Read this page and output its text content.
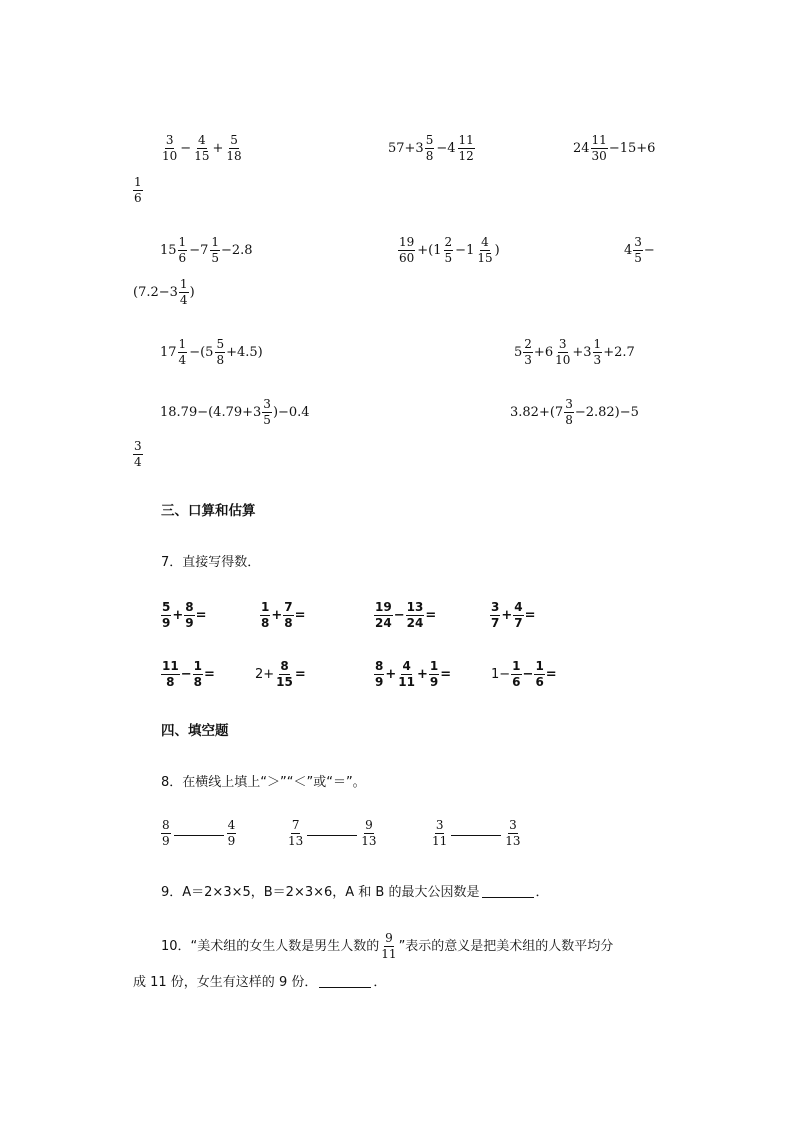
$\frac{3}{10} - \frac{4}{15} + \frac{5}{18}$	$57+3 \frac{5}{8} -4 \frac{11}{12}$	$24 \frac{11}{30} -15+6$
$\frac{1}{6}$
$15 \frac{1}{6} -7 \frac{1}{5} -2.8$	$\frac{19}{60} +(1 \frac{2}{5} -1 \frac{4}{15}$ )	$4 \frac{3}{5}$ −
($7.2-3 \frac{1}{4}$ )
$17 \frac{1}{4} -(5 \frac{5}{8} +4.5)$	$5 \frac{2}{3} +6 \frac{3}{10} +3 \frac{1}{3} +2.7$
$18.79-(4.79+3 \frac{3}{5} )-0.4$	$3.82+(7 \frac{3}{8} -2.82)-5$
$\frac{3}{4}$
三、口算和估算
7．直接写得数．
$\frac{5}{9} + \frac{8}{9}$ =	$\frac{1}{8} + \frac{7}{8}$ =	$\frac{19}{24} - \frac{13}{24}$ =	$\frac{3}{7} + \frac{4}{7}$ =
$\frac{11}{8} - \frac{1}{8}$ =	$2+ \frac{8}{15}$ =	$\frac{8}{9} + \frac{4}{11} + \frac{1}{9}$ =	$1- \frac{1}{6} - \frac{1}{6}$ =
四、填空题
8．在横线上填上“＞”“＜”或“＝”。
$\frac{8}{9}$	$\frac{4}{9}$	$\frac{7}{13}$	$\frac{9}{13}$	$\frac{3}{11}$	$\frac{3}{13}$
9．A＝2×3×5，B＝2×3×6，A 和 B 的最大公因数是	．
10．“美术组的女生人数是男生人数的 $\frac{9}{11}$ ”表示的意义是把美术组的人数平均分
成 11 份，女生有这样的 9 份．	．
